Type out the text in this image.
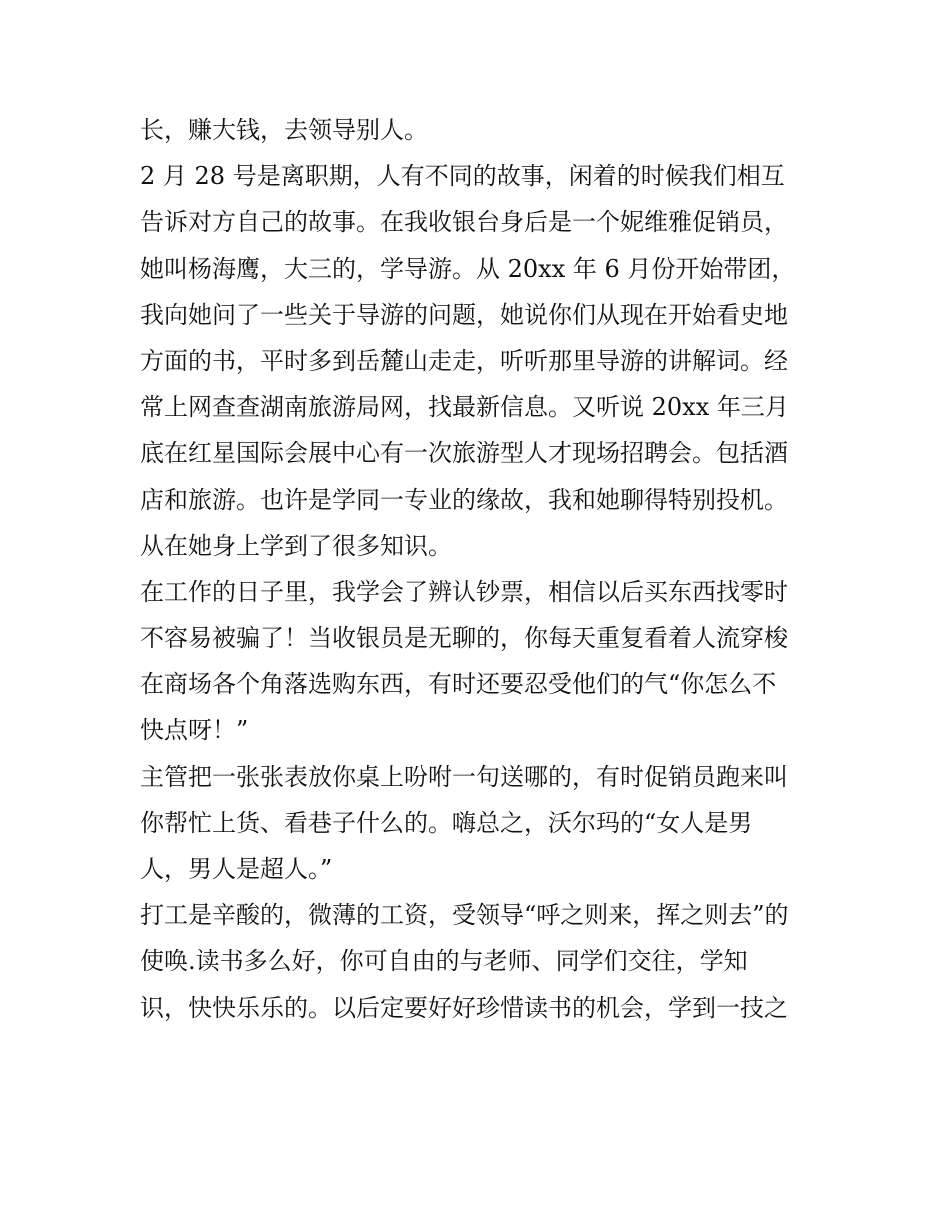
长，赚大钱，去领导别人。
2 月 28 号是离职期，人有不同的故事，闲着的时候我们相互
告诉对方自己的故事。在我收银台身后是一个妮维雅促销员，
她叫杨海鹰，大三的，学导游。从 20xx 年 6 月份开始带团，
我向她问了一些关于导游的问题，她说你们从现在开始看史地
方面的书，平时多到岳麓山走走，听听那里导游的讲解词。经
常上网查查湖南旅游局网，找最新信息。又听说 20xx 年三月
底在红星国际会展中心有一次旅游型人才现场招聘会。包括酒
店和旅游。也许是学同一专业的缘故，我和她聊得特别投机。
从在她身上学到了很多知识。
在工作的日子里，我学会了辨认钞票，相信以后买东西找零时
不容易被骗了！当收银员是无聊的，你每天重复看着人流穿梭
在商场各个角落选购东西，有时还要忍受他们的气“你怎么不
快点呀！”
主管把一张张表放你桌上吩咐一句送哪的，有时促销员跑来叫
你帮忙上货、看巷子什么的。嗨总之，沃尔玛的“女人是男
人，男人是超人。”
打工是辛酸的，微薄的工资，受领导“呼之则来，挥之则去”的
使唤.读书多么好，你可自由的与老师、同学们交往，学知
识，快快乐乐的。以后定要好好珍惜读书的机会，学到一技之
